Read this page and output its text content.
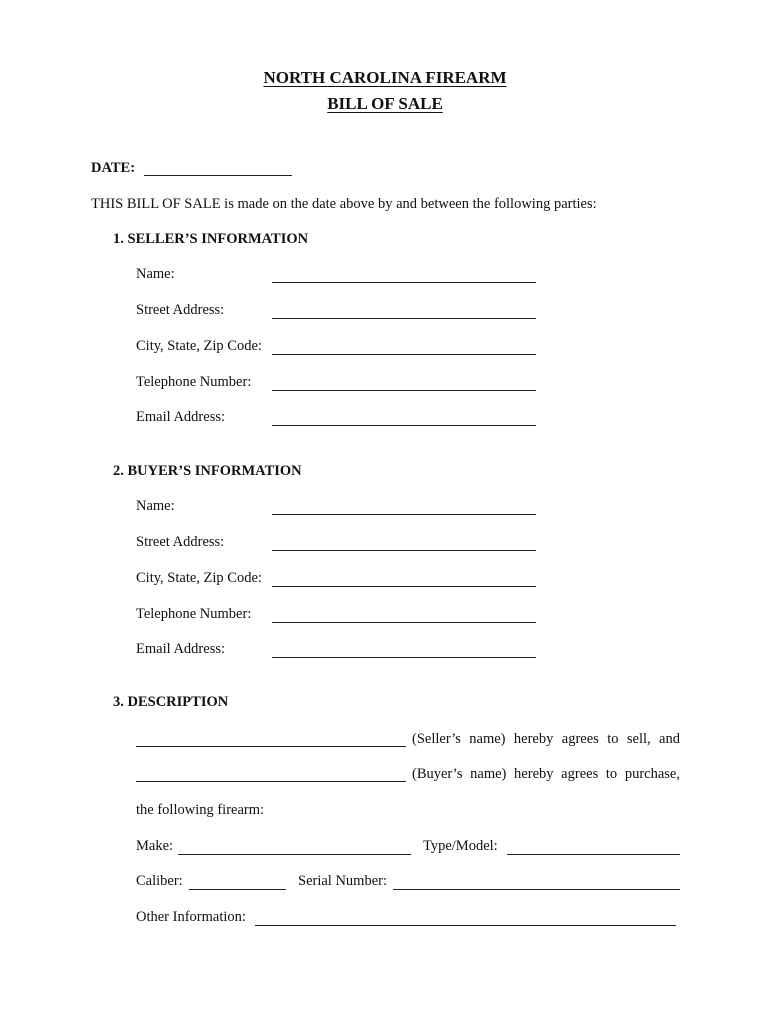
NORTH CAROLINA FIREARM
BILL OF SALE
DATE:
THIS BILL OF SALE is made on the date above by and between the following parties:
1. SELLER’S INFORMATION
Name:
Street Address:
City, State, Zip Code:
Telephone Number:
Email Address:
2. BUYER’S INFORMATION
Name:
Street Address:
City, State, Zip Code:
Telephone Number:
Email Address:
3. DESCRIPTION
(Seller’s name) hereby agrees to sell, and
(Buyer’s name) hereby agrees to purchase,
the following firearm:
Make:	Type/Model:
Caliber:	Serial Number:
Other Information:
